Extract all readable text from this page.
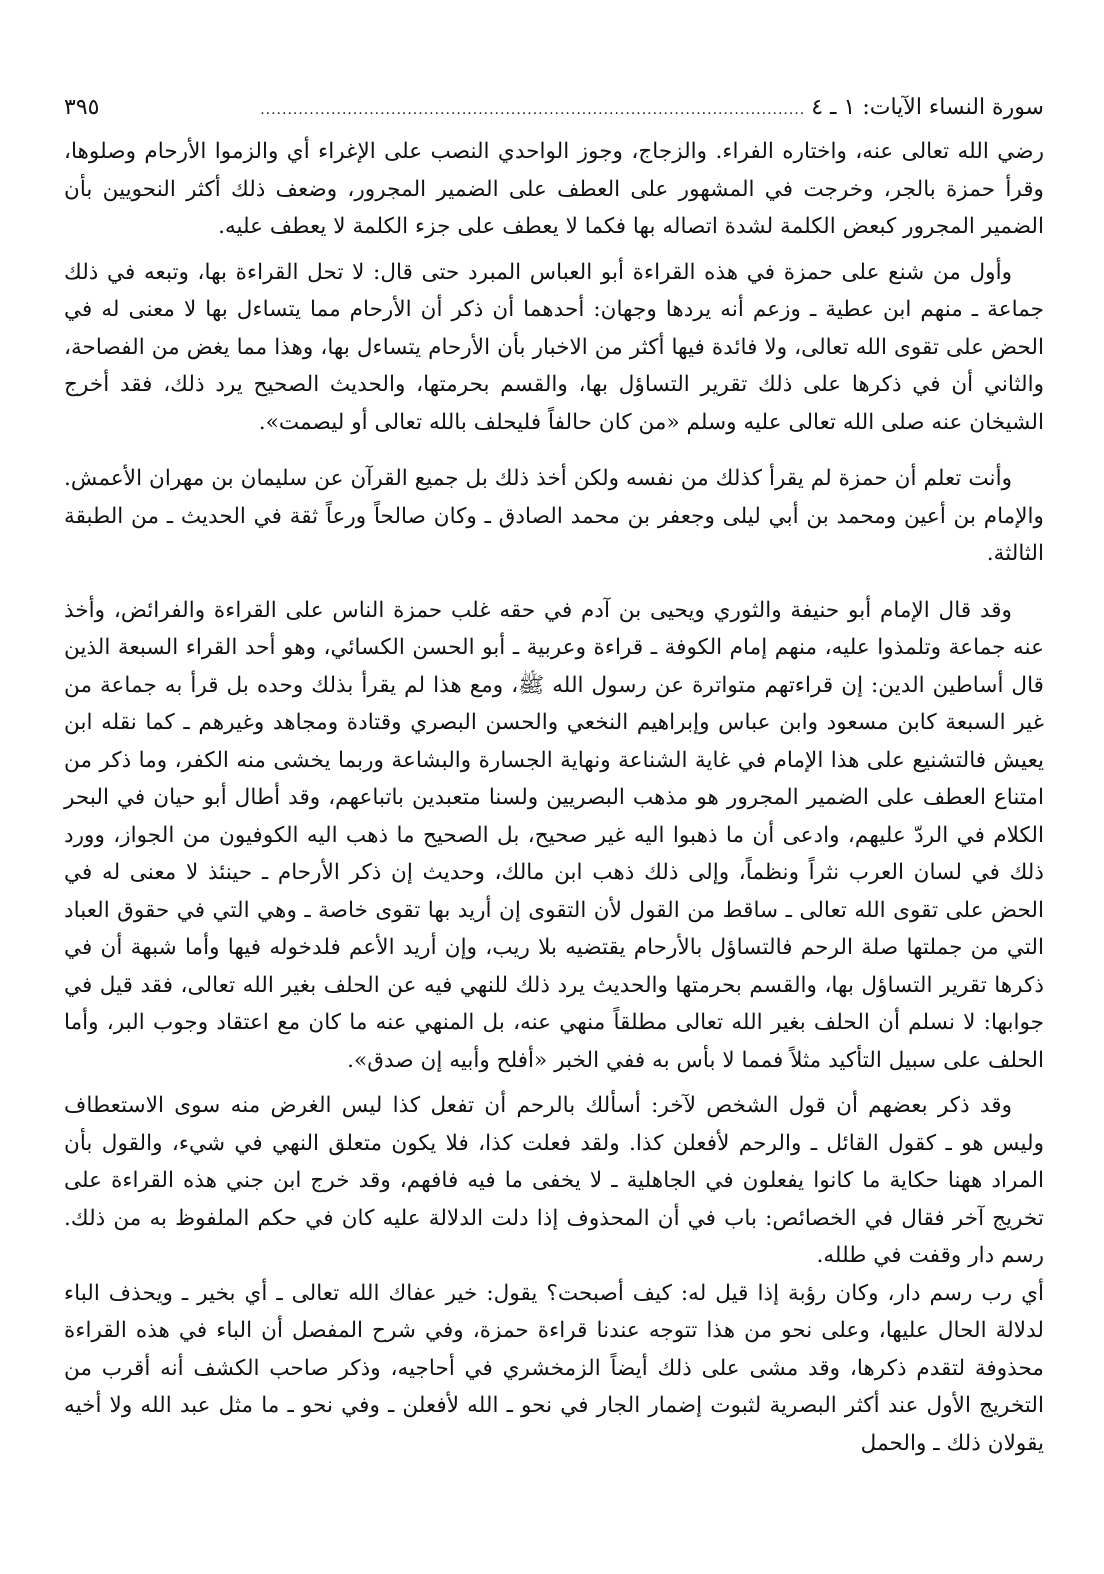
سورة النساء الآيات: ١ ـ ٤
....................................................................................................
٣٩٥

رضي الله تعالى عنه، واختاره الفراء. والزجاج، وجوز الواحدي النصب على الإغراء أي والزموا الأرحام وصلوها، وقرأ حمزة بالجر، وخرجت في المشهور على العطف على الضمير المجرور، وضعف ذلك أكثر النحويين بأن الضمير المجرور كبعض الكلمة لشدة اتصاله بها فكما لا يعطف على جزء الكلمة لا يعطف عليه.

وأول من شنع على حمزة في هذه القراءة أبو العباس المبرد حتى قال: لا تحل القراءة بها، وتبعه في ذلك جماعة ـ منهم ابن عطية ـ وزعم أنه يردها وجهان: أحدهما أن ذكر أن الأرحام مما يتساءل بها لا معنى له في الحض على تقوى الله تعالى، ولا فائدة فيها أكثر من الاخبار بأن الأرحام يتساءل بها، وهذا مما يغض من الفصاحة، والثاني أن في ذكرها على ذلك تقرير التساؤل بها، والقسم بحرمتها، والحديث الصحيح يرد ذلك، فقد أخرج الشيخان عنه صلى الله تعالى عليه وسلم «من كان حالفاً فليحلف بالله تعالى أو ليصمت».

وأنت تعلم أن حمزة لم يقرأ كذلك من نفسه ولكن أخذ ذلك بل جميع القرآن عن سليمان بن مهران الأعمش. والإمام بن أعين ومحمد بن أبي ليلى وجعفر بن محمد الصادق ـ وكان صالحاً ورعاً ثقة في الحديث ـ من الطبقة الثالثة.

وقد قال الإمام أبو حنيفة والثوري ويحيى بن آدم في حقه غلب حمزة الناس على القراءة والفرائض، وأخذ عنه جماعة وتلمذوا عليه، منهم إمام الكوفة ـ قراءة وعربية ـ أبو الحسن الكسائي، وهو أحد القراء السبعة الذين قال أساطين الدين: إن قراءتهم متواترة عن رسول الله ﷺ، ومع هذا لم يقرأ بذلك وحده بل قرأ به جماعة من غير السبعة كابن مسعود وابن عباس وإبراهيم النخعي والحسن البصري وقتادة ومجاهد وغيرهم ـ كما نقله ابن يعيش فالتشنيع على هذا الإمام في غاية الشناعة ونهاية الجسارة والبشاعة وربما يخشى منه الكفر، وما ذكر من امتناع العطف على الضمير المجرور هو مذهب البصريين ولسنا متعبدين باتباعهم، وقد أطال أبو حيان في البحر الكلام في الردّ عليهم، وادعى أن ما ذهبوا اليه غير صحيح، بل الصحيح ما ذهب اليه الكوفيون من الجواز، وورد ذلك في لسان العرب نثراً ونظماً، وإلى ذلك ذهب ابن مالك، وحديث إن ذكر الأرحام ـ حينئذ لا معنى له في الحض على تقوى الله تعالى ـ ساقط من القول لأن التقوى إن أريد بها تقوى خاصة ـ وهي التي في حقوق العباد التي من جملتها صلة الرحم فالتساؤل بالأرحام يقتضيه بلا ريب، وإن أريد الأعم فلدخوله فيها وأما شبهة أن في ذكرها تقرير التساؤل بها، والقسم بحرمتها والحديث يرد ذلك للنهي فيه عن الحلف بغير الله تعالى، فقد قيل في جوابها: لا نسلم أن الحلف بغير الله تعالى مطلقاً منهي عنه، بل المنهي عنه ما كان مع اعتقاد وجوب البر، وأما الحلف على سبيل التأكيد مثلاً فمما لا بأس به ففي الخبر «أفلح وأبيه إن صدق».

وقد ذكر بعضهم أن قول الشخص لآخر: أسألك بالرحم أن تفعل كذا ليس الغرض منه سوى الاستعطاف وليس هو ـ كقول القائل ـ والرحم لأفعلن كذا. ولقد فعلت كذا، فلا يكون متعلق النهي في شيء، والقول بأن المراد ههنا حكاية ما كانوا يفعلون في الجاهلية ـ لا يخفى ما فيه فافهم، وقد خرج ابن جني هذه القراءة على تخريج آخر فقال في الخصائص: باب في أن المحذوف إذا دلت الدلالة عليه كان في حكم الملفوظ به من ذلك. رسم دار وقفت في طلله.

أي رب رسم دار، وكان رؤبة إذا قيل له: كيف أصبحت؟ يقول: خير عفاك الله تعالى ـ أي بخير ـ ويحذف الباء لدلالة الحال عليها، وعلى نحو من هذا تتوجه عندنا قراءة حمزة، وفي شرح المفصل أن الباء في هذه القراءة محذوفة لتقدم ذكرها، وقد مشى على ذلك أيضاً الزمخشري في أحاجيه، وذكر صاحب الكشف أنه أقرب من التخريج الأول عند أكثر البصرية لثبوت إضمار الجار في نحو ـ الله لأفعلن ـ وفي نحو ـ ما مثل عبد الله ولا أخيه يقولان ذلك ـ والحمل
